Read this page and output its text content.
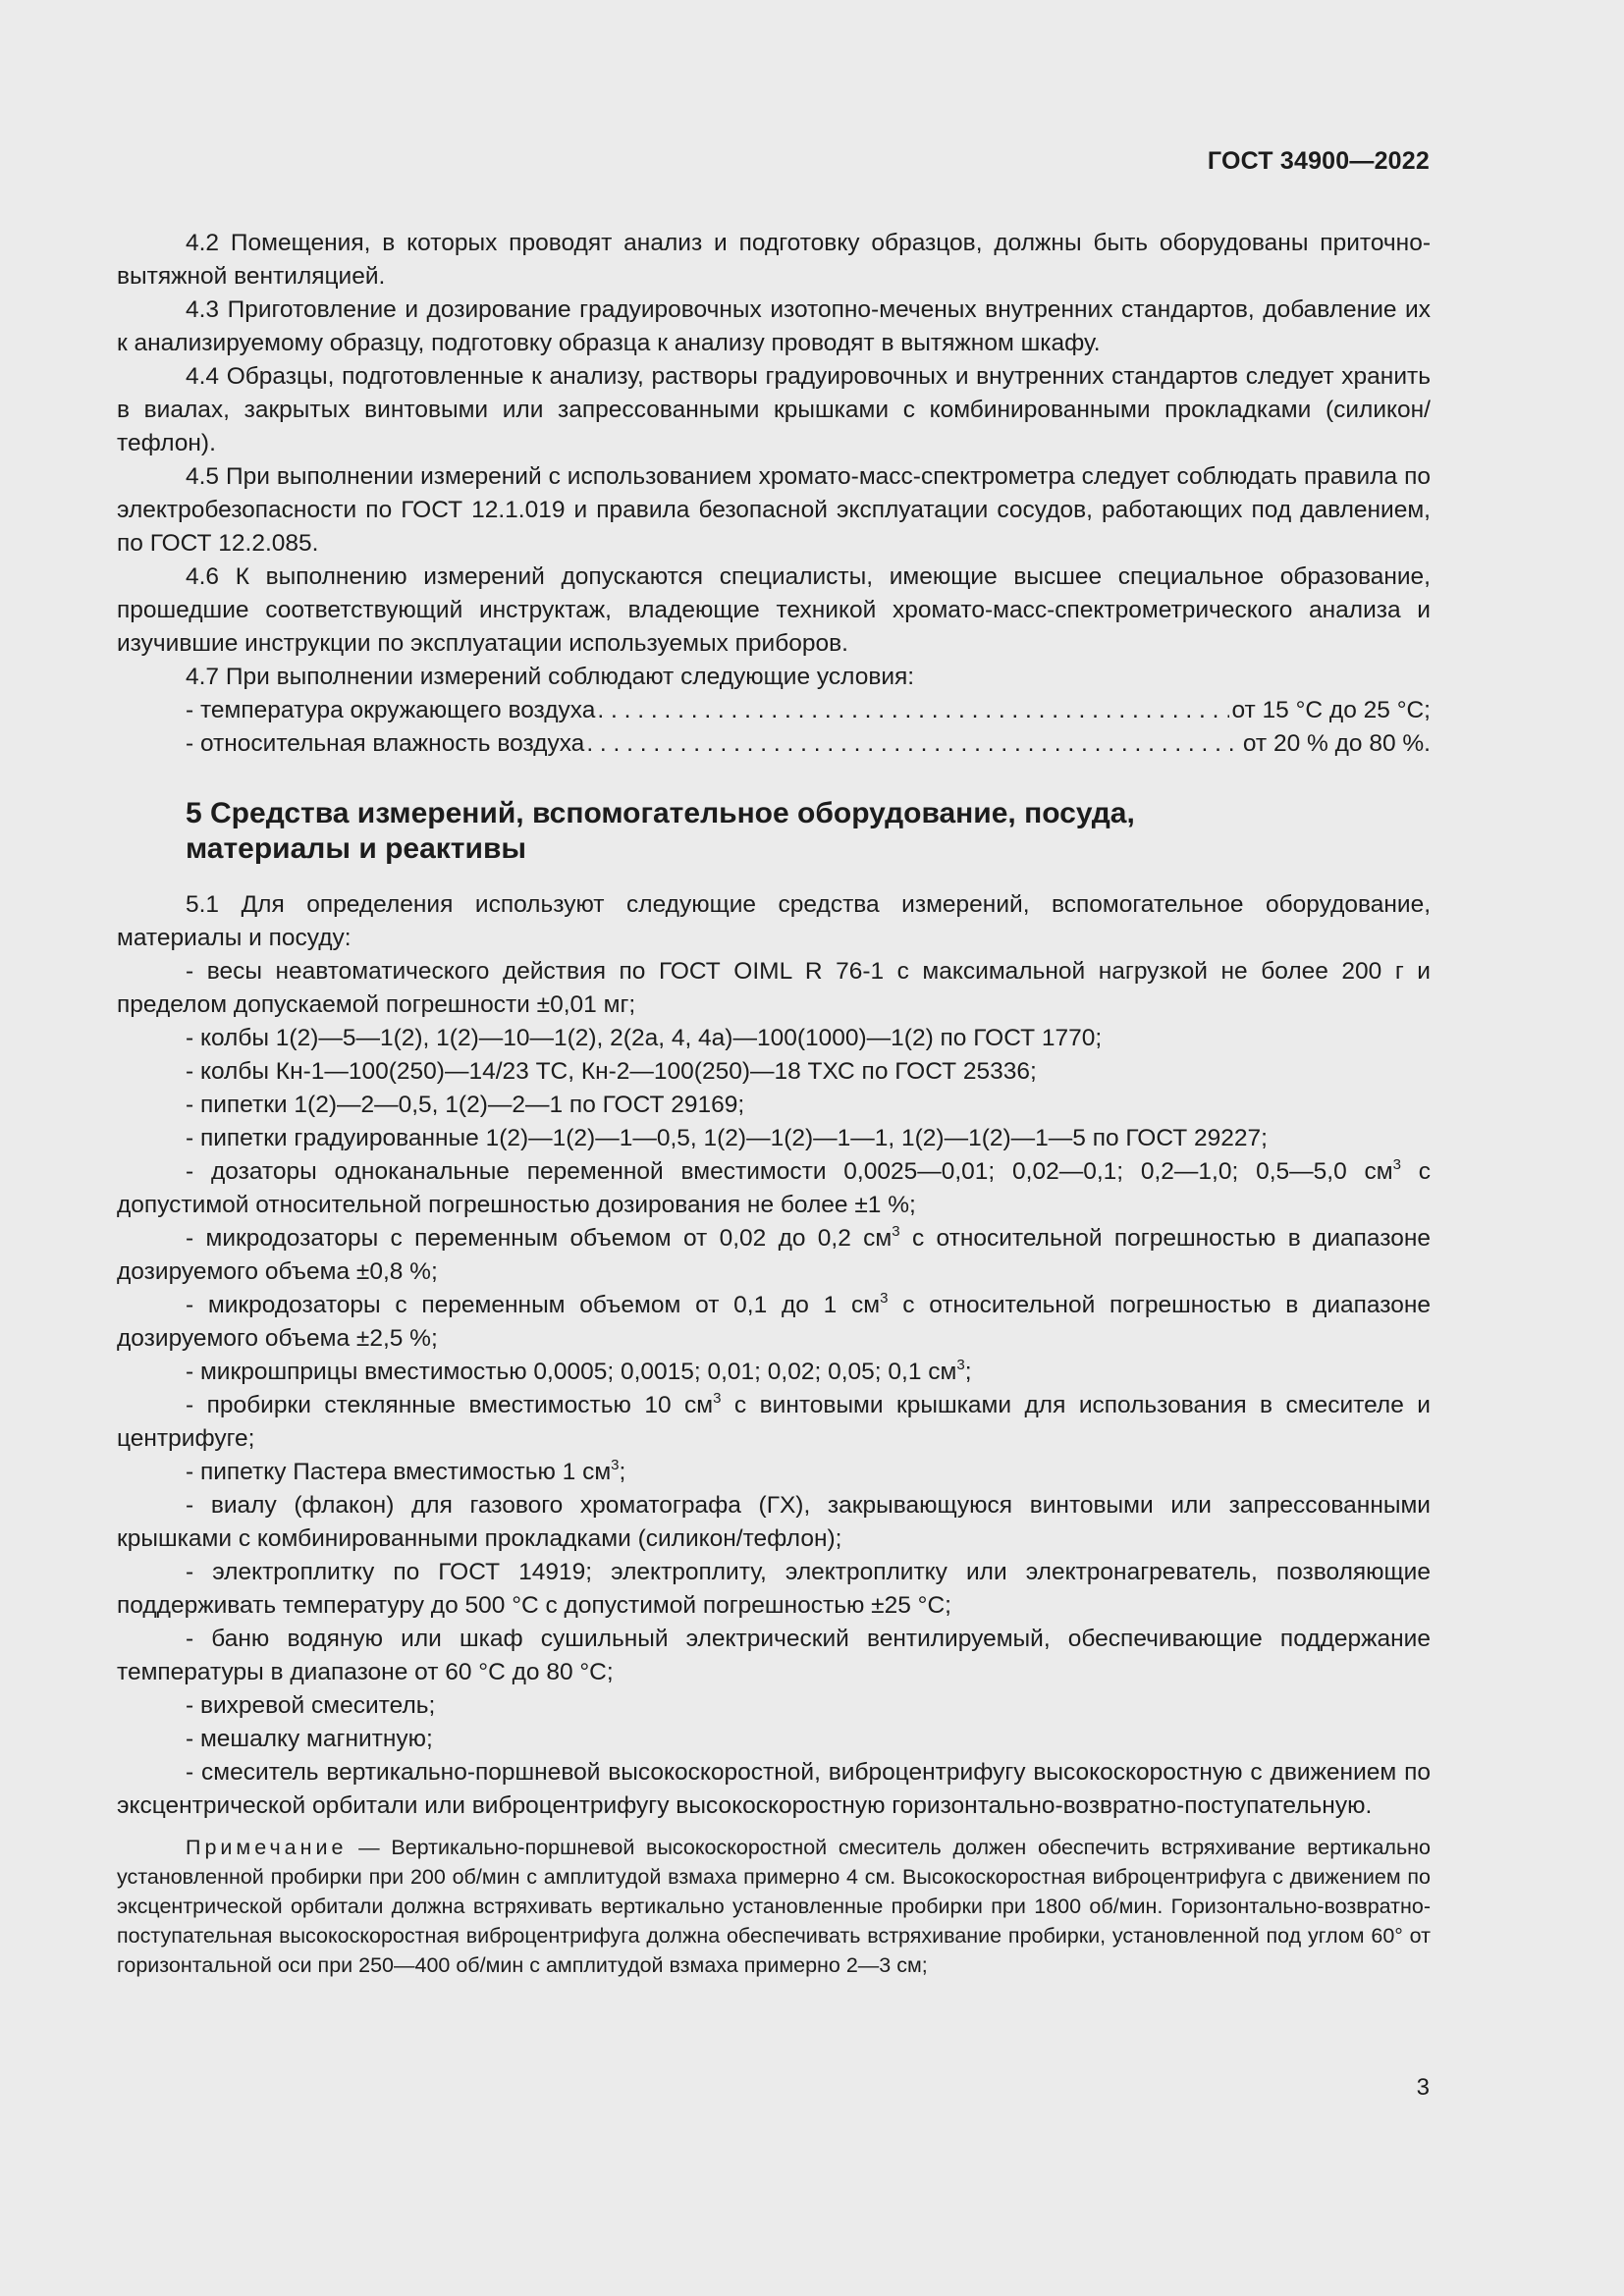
ГОСТ 34900—2022

4.2 Помещения, в которых проводят анализ и подготовку образцов, должны быть оборудованы приточно-вытяжной вентиляцией.

4.3 Приготовление и дозирование градуировочных изотопно-меченых внутренних стандартов, добавление их к анализируемому образцу, подготовку образца к анализу проводят в вытяжном шкафу.

4.4 Образцы, подготовленные к анализу, растворы градуировочных и внутренних стандартов следует хранить в виалах, закрытых винтовыми или запрессованными крышками с комбинированными прокладками (силикон/тефлон).

4.5 При выполнении измерений с использованием хромато-масс-спектрометра следует соблюдать правила по электробезопасности по ГОСТ 12.1.019 и правила безопасной эксплуатации сосудов, работающих под давлением, по ГОСТ 12.2.085.

4.6 К выполнению измерений допускаются специалисты, имеющие высшее специальное образование, прошедшие соответствующий инструктаж, владеющие техникой хромато-масс-спектрометрического анализа и изучившие инструкции по эксплуатации используемых приборов.

4.7 При выполнении измерений соблюдают следующие условия:

- температура окружающего воздуха . . .	от 15 °C до 25 °C;
- относительная влажность воздуха . . .	от 20 % до 80 %.
5 Средства измерений, вспомогательное оборудование, посуда,
материалы и реактивы

5.1 Для определения используют следующие средства измерений, вспомогательное оборудование, материалы и посуду:

- весы неавтоматического действия по ГОСТ OIML R 76-1 с максимальной нагрузкой не более 200 г и пределом допускаемой погрешности ±0,01 мг;

- колбы 1(2)—5—1(2), 1(2)—10—1(2), 2(2а, 4, 4а)—100(1000)—1(2) по ГОСТ 1770;

- колбы Кн-1—100(250)—14/23 ТС, Кн-2—100(250)—18 ТХС по ГОСТ 25336;

- пипетки 1(2)—2—0,5, 1(2)—2—1 по ГОСТ 29169;

- пипетки градуированные 1(2)—1(2)—1—0,5, 1(2)—1(2)—1—1, 1(2)—1(2)—1—5 по ГОСТ 29227;

- дозаторы одноканальные переменной вместимости 0,0025—0,01; 0,02—0,1; 0,2—1,0; 0,5—5,0 $см^3$ с допустимой относительной погрешностью дозирования не более ±1 %;

- микродозаторы с переменным объемом от 0,02 до 0,2 $см^3$ с относительной погрешностью в диапазоне дозируемого объема ±0,8 %;

- микродозаторы с переменным объемом от 0,1 до 1 $см^3$ с относительной погрешностью в диапазоне дозируемого объема ±2,5 %;

- микрошприцы вместимостью 0,0005; 0,0015; 0,01; 0,02; 0,05; 0,1 $см^3$;

- пробирки стеклянные вместимостью 10 $см^3$ с винтовыми крышками для использования в смесителе и центрифуге;

- пипетку Пастера вместимостью 1 $см^3$;

- виалу (флакон) для газового хроматографа (ГХ), закрывающуюся винтовыми или запрессованными крышками с комбинированными прокладками (силикон/тефлон);

- электроплитку по ГОСТ 14919; электроплиту, электроплитку или электронагреватель, позволяющие поддерживать температуру до 500 °C с допустимой погрешностью ±25 °C;

- баню водяную или шкаф сушильный электрический вентилируемый, обеспечивающие поддержание температуры в диапазоне от 60 °C до 80 °C;

- вихревой смеситель;

- мешалку магнитную;

- смеситель вертикально-поршневой высокоскоростной, виброцентрифугу высокоскоростную с движением по эксцентрической орбитали или виброцентрифугу высокоскоростную горизонтально-возвратно-поступательную.

Примечание — Вертикально-поршневой высокоскоростной смеситель должен обеспечить встряхивание вертикально установленной пробирки при 200 об/мин с амплитудой взмаха примерно 4 см. Высокоскоростная виброцентрифуга с движением по эксцентрической орбитали должна встряхивать вертикально установленные пробирки при 1800 об/мин. Горизонтально-возвратно-поступательная высокоскоростная виброцентрифуга должна обеспечивать встряхивание пробирки, установленной под углом 60° от горизонтальной оси при 250—400 об/мин с амплитудой взмаха примерно 2—3 см;

3
